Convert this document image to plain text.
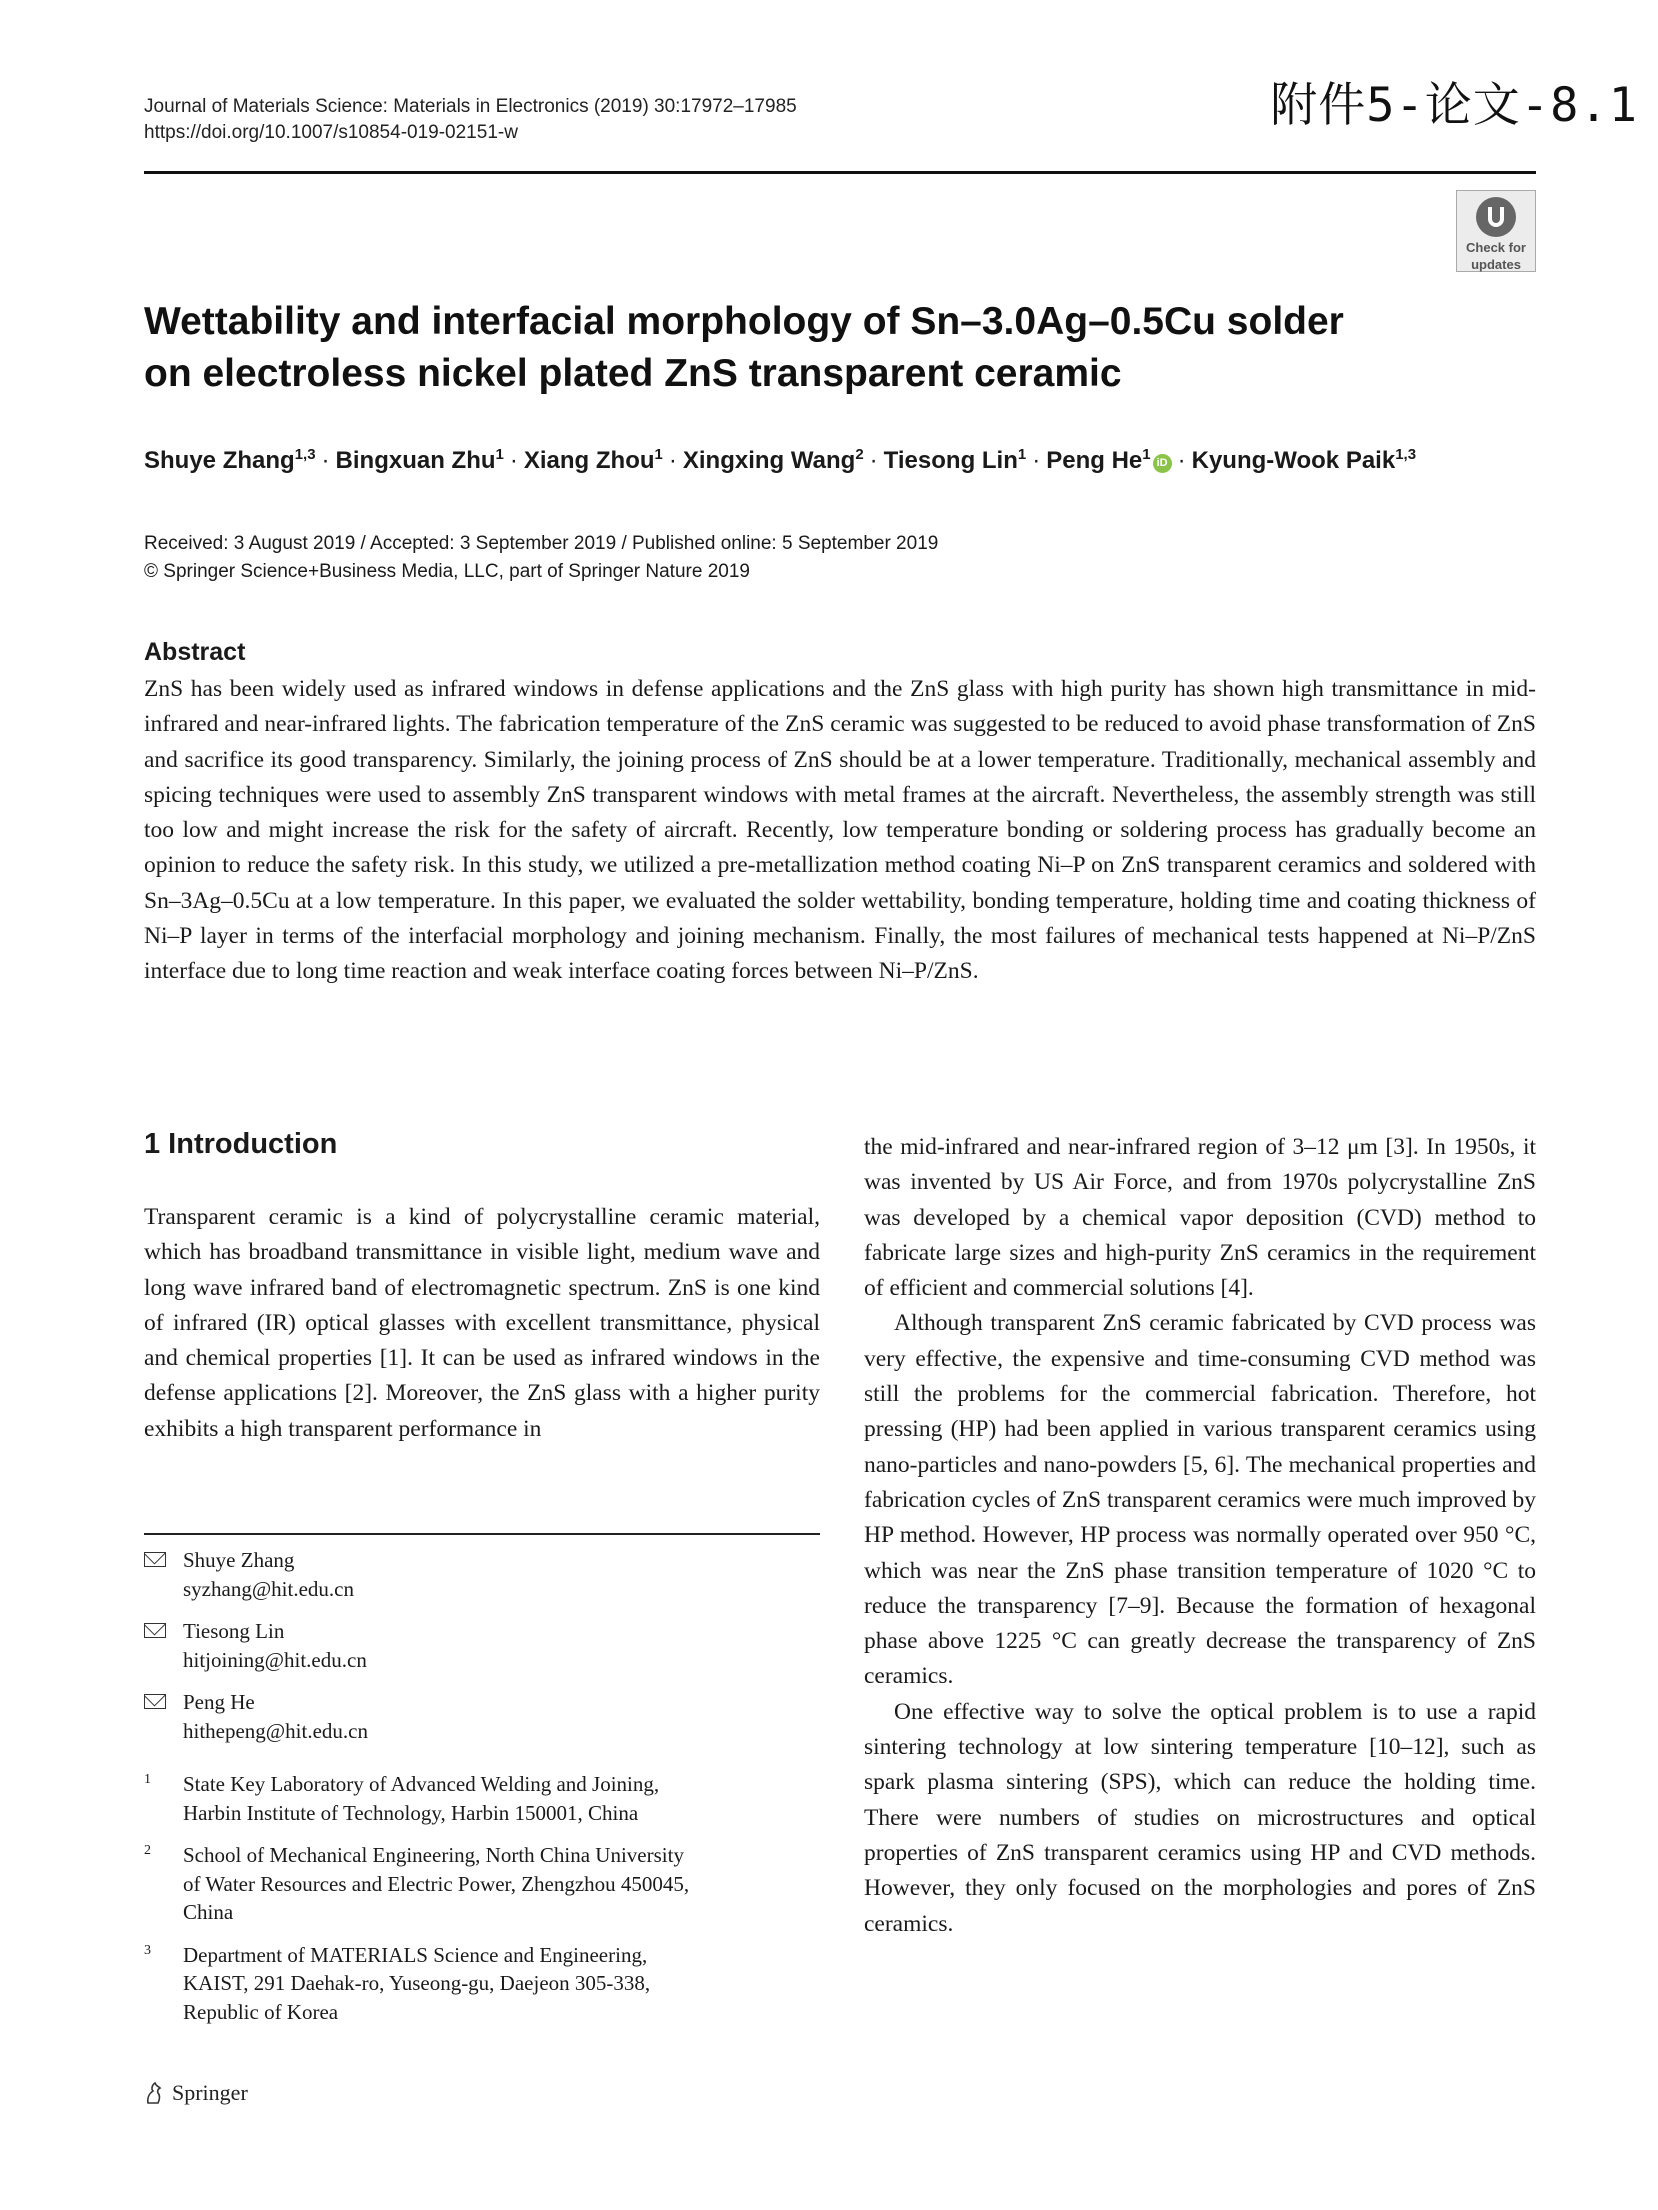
Journal of Materials Science: Materials in Electronics (2019) 30:17972–17985
https://doi.org/10.1007/s10854-019-02151-w	附件5-论文-8.1
Check for
updates
Wettability and interfacial morphology of Sn–3.0Ag–0.5Cu solder
on electroless nickel plated ZnS transparent ceramic
Shuye Zhang$^{1,3}$ · Bingxuan Zhu$^1$ · Xiang Zhou$^1$ · Xingxing Wang$^2$ · Tiesong Lin$^1$ · Peng He$^1$ iD · Kyung-Wook Paik$^{1,3}$
Received: 3 August 2019 / Accepted: 3 September 2019 / Published online: 5 September 2019
© Springer Science+Business Media, LLC, part of Springer Nature 2019
Abstract

ZnS has been widely used as infrared windows in defense applications and the ZnS glass with high purity has shown high transmittance in mid-infrared and near-infrared lights. The fabrication temperature of the ZnS ceramic was suggested to be reduced to avoid phase transformation of ZnS and sacrifice its good transparency. Similarly, the joining process of ZnS should be at a lower temperature. Traditionally, mechanical assembly and spicing techniques were used to assembly ZnS transparent windows with metal frames at the aircraft. Nevertheless, the assembly strength was still too low and might increase the risk for the safety of aircraft. Recently, low temperature bonding or soldering process has gradually become an opinion to reduce the safety risk. In this study, we utilized a pre-metallization method coating Ni–P on ZnS transparent ceramics and soldered with Sn–3Ag–0.5Cu at a low temperature. In this paper, we evaluated the solder wettability, bonding temperature, holding time and coating thickness of Ni–P layer in terms of the interfacial morphology and joining mechanism. Finally, the most failures of mechanical tests happened at Ni–P/ZnS interface due to long time reaction and weak interface coating forces between Ni–P/ZnS.

1 Introduction

Transparent ceramic is a kind of polycrystalline ceramic material, which has broadband transmittance in visible light, medium wave and long wave infrared band of electromagnetic spectrum. ZnS is one kind of infrared (IR) optical glasses with excellent transmittance, physical and chemical properties [1]. It can be used as infrared windows in the defense applications [2]. Moreover, the ZnS glass with a higher purity exhibits a high transparent performance in

the mid-infrared and near-infrared region of 3–12 μm [3]. In 1950s, it was invented by US Air Force, and from 1970s polycrystalline ZnS was developed by a chemical vapor deposition (CVD) method to fabricate large sizes and high-purity ZnS ceramics in the requirement of efficient and commercial solutions [4].

Although transparent ZnS ceramic fabricated by CVD process was very effective, the expensive and time-consuming CVD method was still the problems for the commercial fabrication. Therefore, hot pressing (HP) had been applied in various transparent ceramics using nano-particles and nano-powders [5, 6]. The mechanical properties and fabrication cycles of ZnS transparent ceramics were much improved by HP method. However, HP process was normally operated over 950 °C, which was near the ZnS phase transition temperature of 1020 °C to reduce the transparency [7–9]. Because the formation of hexagonal phase above 1225 °C can greatly decrease the transparency of ZnS ceramics.

One effective way to solve the optical problem is to use a rapid sintering technology at low sintering temperature [10–12], such as spark plasma sintering (SPS), which can reduce the holding time. There were numbers of studies on microstructures and optical properties of ZnS transparent ceramics using HP and CVD methods. However, they only focused on the morphologies and pores of ZnS ceramics.

Shuye Zhang
syzhang@hit.edu.cn
Tiesong Lin
hitjoining@hit.edu.cn
Peng He
hithepeng@hit.edu.cn
1 State Key Laboratory of Advanced Welding and Joining,
Harbin Institute of Technology, Harbin 150001, China
2 School of Mechanical Engineering, North China University
of Water Resources and Electric Power, Zhengzhou 450045,
China
3 Department of MATERIALS Science and Engineering,
KAIST, 291 Daehak-ro, Yuseong-gu, Daejeon 305-338,
Republic of Korea
Springer
